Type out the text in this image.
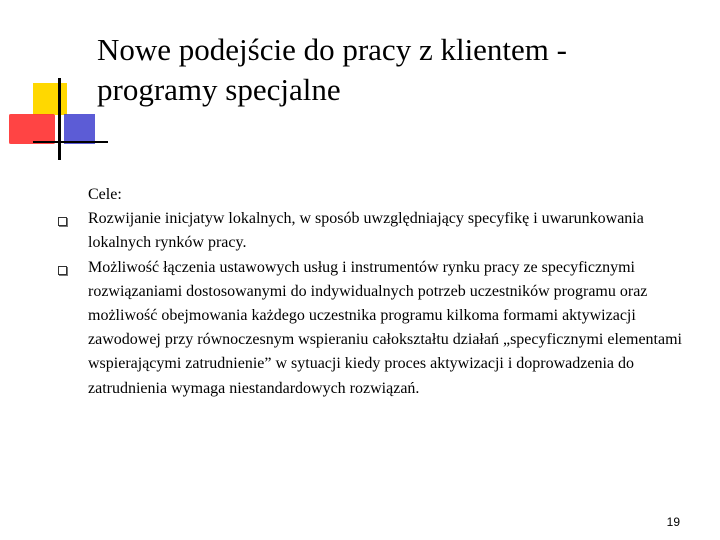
Nowe podejście do pracy z klientem -
programy specjalne

Cele:

Rozwijanie inicjatyw lokalnych, w sposób uwzględniający specyfikę i uwarunkowania lokalnych rynków pracy.

Możliwość łączenia ustawowych usług i instrumentów rynku pracy ze specyficznymi rozwiązaniami dostosowanymi do indywidualnych potrzeb uczestników programu oraz możliwość obejmowania każdego uczestnika programu kilkoma formami aktywizacji zawodowej przy równoczesnym wspieraniu całokształtu działań „specyficznymi elementami wspierającymi zatrudnienie” w sytuacji kiedy proces aktywizacji i doprowadzenia do zatrudnienia wymaga niestandardowych rozwiązań.

19
